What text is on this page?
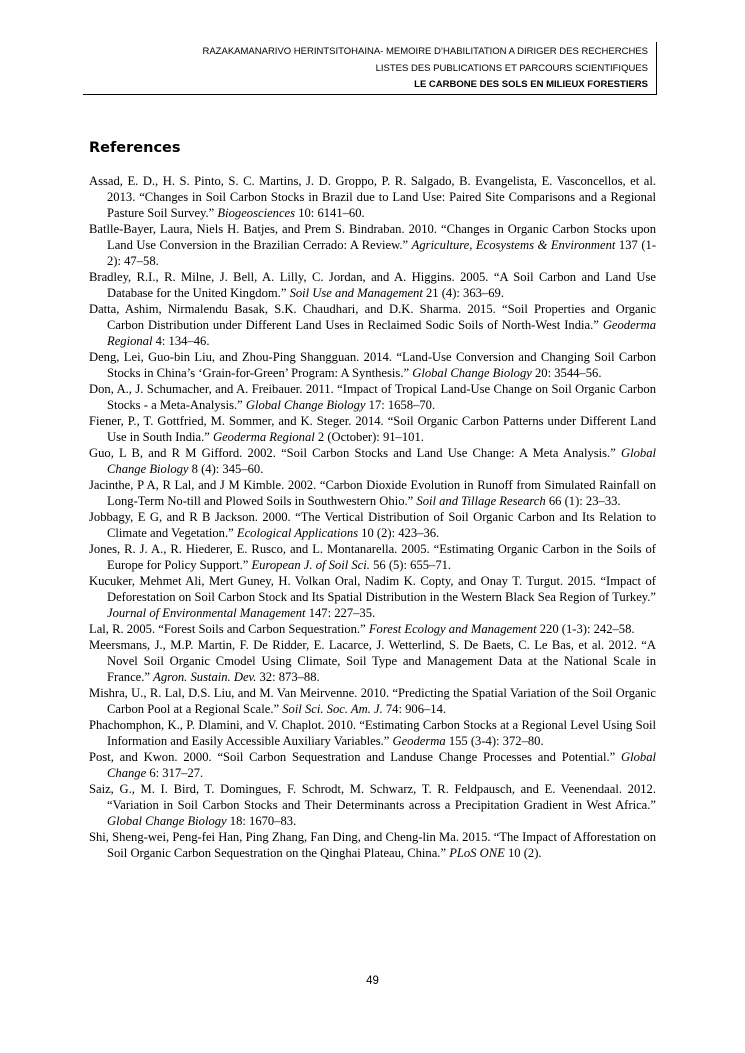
RAZAKAMANARIVO HERINTSITOHAINA- MEMOIRE D’HABILITATION A DIRIGER DES RECHERCHES
LISTES DES PUBLICATIONS ET PARCOURS SCIENTIFIQUES
LE CARBONE DES SOLS EN MILIEUX FORESTIERS
References
Assad, E. D., H. S. Pinto, S. C. Martins, J. D. Groppo, P. R. Salgado, B. Evangelista, E. Vasconcellos, et al. 2013. “Changes in Soil Carbon Stocks in Brazil due to Land Use: Paired Site Comparisons and a Regional Pasture Soil Survey.” Biogeosciences 10: 6141–60.
Batlle-Bayer, Laura, Niels H. Batjes, and Prem S. Bindraban. 2010. “Changes in Organic Carbon Stocks upon Land Use Conversion in the Brazilian Cerrado: A Review.” Agriculture, Ecosystems & Environment 137 (1-2): 47–58.
Bradley, R.I., R. Milne, J. Bell, A. Lilly, C. Jordan, and A. Higgins. 2005. “A Soil Carbon and Land Use Database for the United Kingdom.” Soil Use and Management 21 (4): 363–69.
Datta, Ashim, Nirmalendu Basak, S.K. Chaudhari, and D.K. Sharma. 2015. “Soil Properties and Organic Carbon Distribution under Different Land Uses in Reclaimed Sodic Soils of North-West India.” Geoderma Regional 4: 134–46.
Deng, Lei, Guo-bin Liu, and Zhou-Ping Shangguan. 2014. “Land-Use Conversion and Changing Soil Carbon Stocks in China’s ‘Grain-for-Green’ Program: A Synthesis.” Global Change Biology 20: 3544–56.
Don, A., J. Schumacher, and A. Freibauer. 2011. “Impact of Tropical Land-Use Change on Soil Organic Carbon Stocks - a Meta-Analysis.” Global Change Biology 17: 1658–70.
Fiener, P., T. Gottfried, M. Sommer, and K. Steger. 2014. “Soil Organic Carbon Patterns under Different Land Use in South India.” Geoderma Regional 2 (October): 91–101.
Guo, L B, and R M Gifford. 2002. “Soil Carbon Stocks and Land Use Change: A Meta Analysis.” Global Change Biology 8 (4): 345–60.
Jacinthe, P A, R Lal, and J M Kimble. 2002. “Carbon Dioxide Evolution in Runoff from Simulated Rainfall on Long-Term No-till and Plowed Soils in Southwestern Ohio.” Soil and Tillage Research 66 (1): 23–33.
Jobbagy, E G, and R B Jackson. 2000. “The Vertical Distribution of Soil Organic Carbon and Its Relation to Climate and Vegetation.” Ecological Applications 10 (2): 423–36.
Jones, R. J. A., R. Hiederer, E. Rusco, and L. Montanarella. 2005. “Estimating Organic Carbon in the Soils of Europe for Policy Support.” European J. of Soil Sci. 56 (5): 655–71.
Kucuker, Mehmet Ali, Mert Guney, H. Volkan Oral, Nadim K. Copty, and Onay T. Turgut. 2015. “Impact of Deforestation on Soil Carbon Stock and Its Spatial Distribution in the Western Black Sea Region of Turkey.” Journal of Environmental Management 147: 227–35.
Lal, R. 2005. “Forest Soils and Carbon Sequestration.” Forest Ecology and Management 220 (1-3): 242–58.
Meersmans, J., M.P. Martin, F. De Ridder, E. Lacarce, J. Wetterlind, S. De Baets, C. Le Bas, et al. 2012. “A Novel Soil Organic Cmodel Using Climate, Soil Type and Management Data at the National Scale in France.” Agron. Sustain. Dev. 32: 873–88.
Mishra, U., R. Lal, D.S. Liu, and M. Van Meirvenne. 2010. “Predicting the Spatial Variation of the Soil Organic Carbon Pool at a Regional Scale.” Soil Sci. Soc. Am. J. 74: 906–14.
Phachomphon, K., P. Dlamini, and V. Chaplot. 2010. “Estimating Carbon Stocks at a Regional Level Using Soil Information and Easily Accessible Auxiliary Variables.” Geoderma 155 (3-4): 372–80.
Post, and Kwon. 2000. “Soil Carbon Sequestration and Landuse Change Processes and Potential.” Global Change 6: 317–27.
Saiz, G., M. I. Bird, T. Domingues, F. Schrodt, M. Schwarz, T. R. Feldpausch, and E. Veenendaal. 2012. “Variation in Soil Carbon Stocks and Their Determinants across a Precipitation Gradient in West Africa.” Global Change Biology 18: 1670–83.
Shi, Sheng-wei, Peng-fei Han, Ping Zhang, Fan Ding, and Cheng-lin Ma. 2015. “The Impact of Afforestation on Soil Organic Carbon Sequestration on the Qinghai Plateau, China.” PLoS ONE 10 (2).
49
